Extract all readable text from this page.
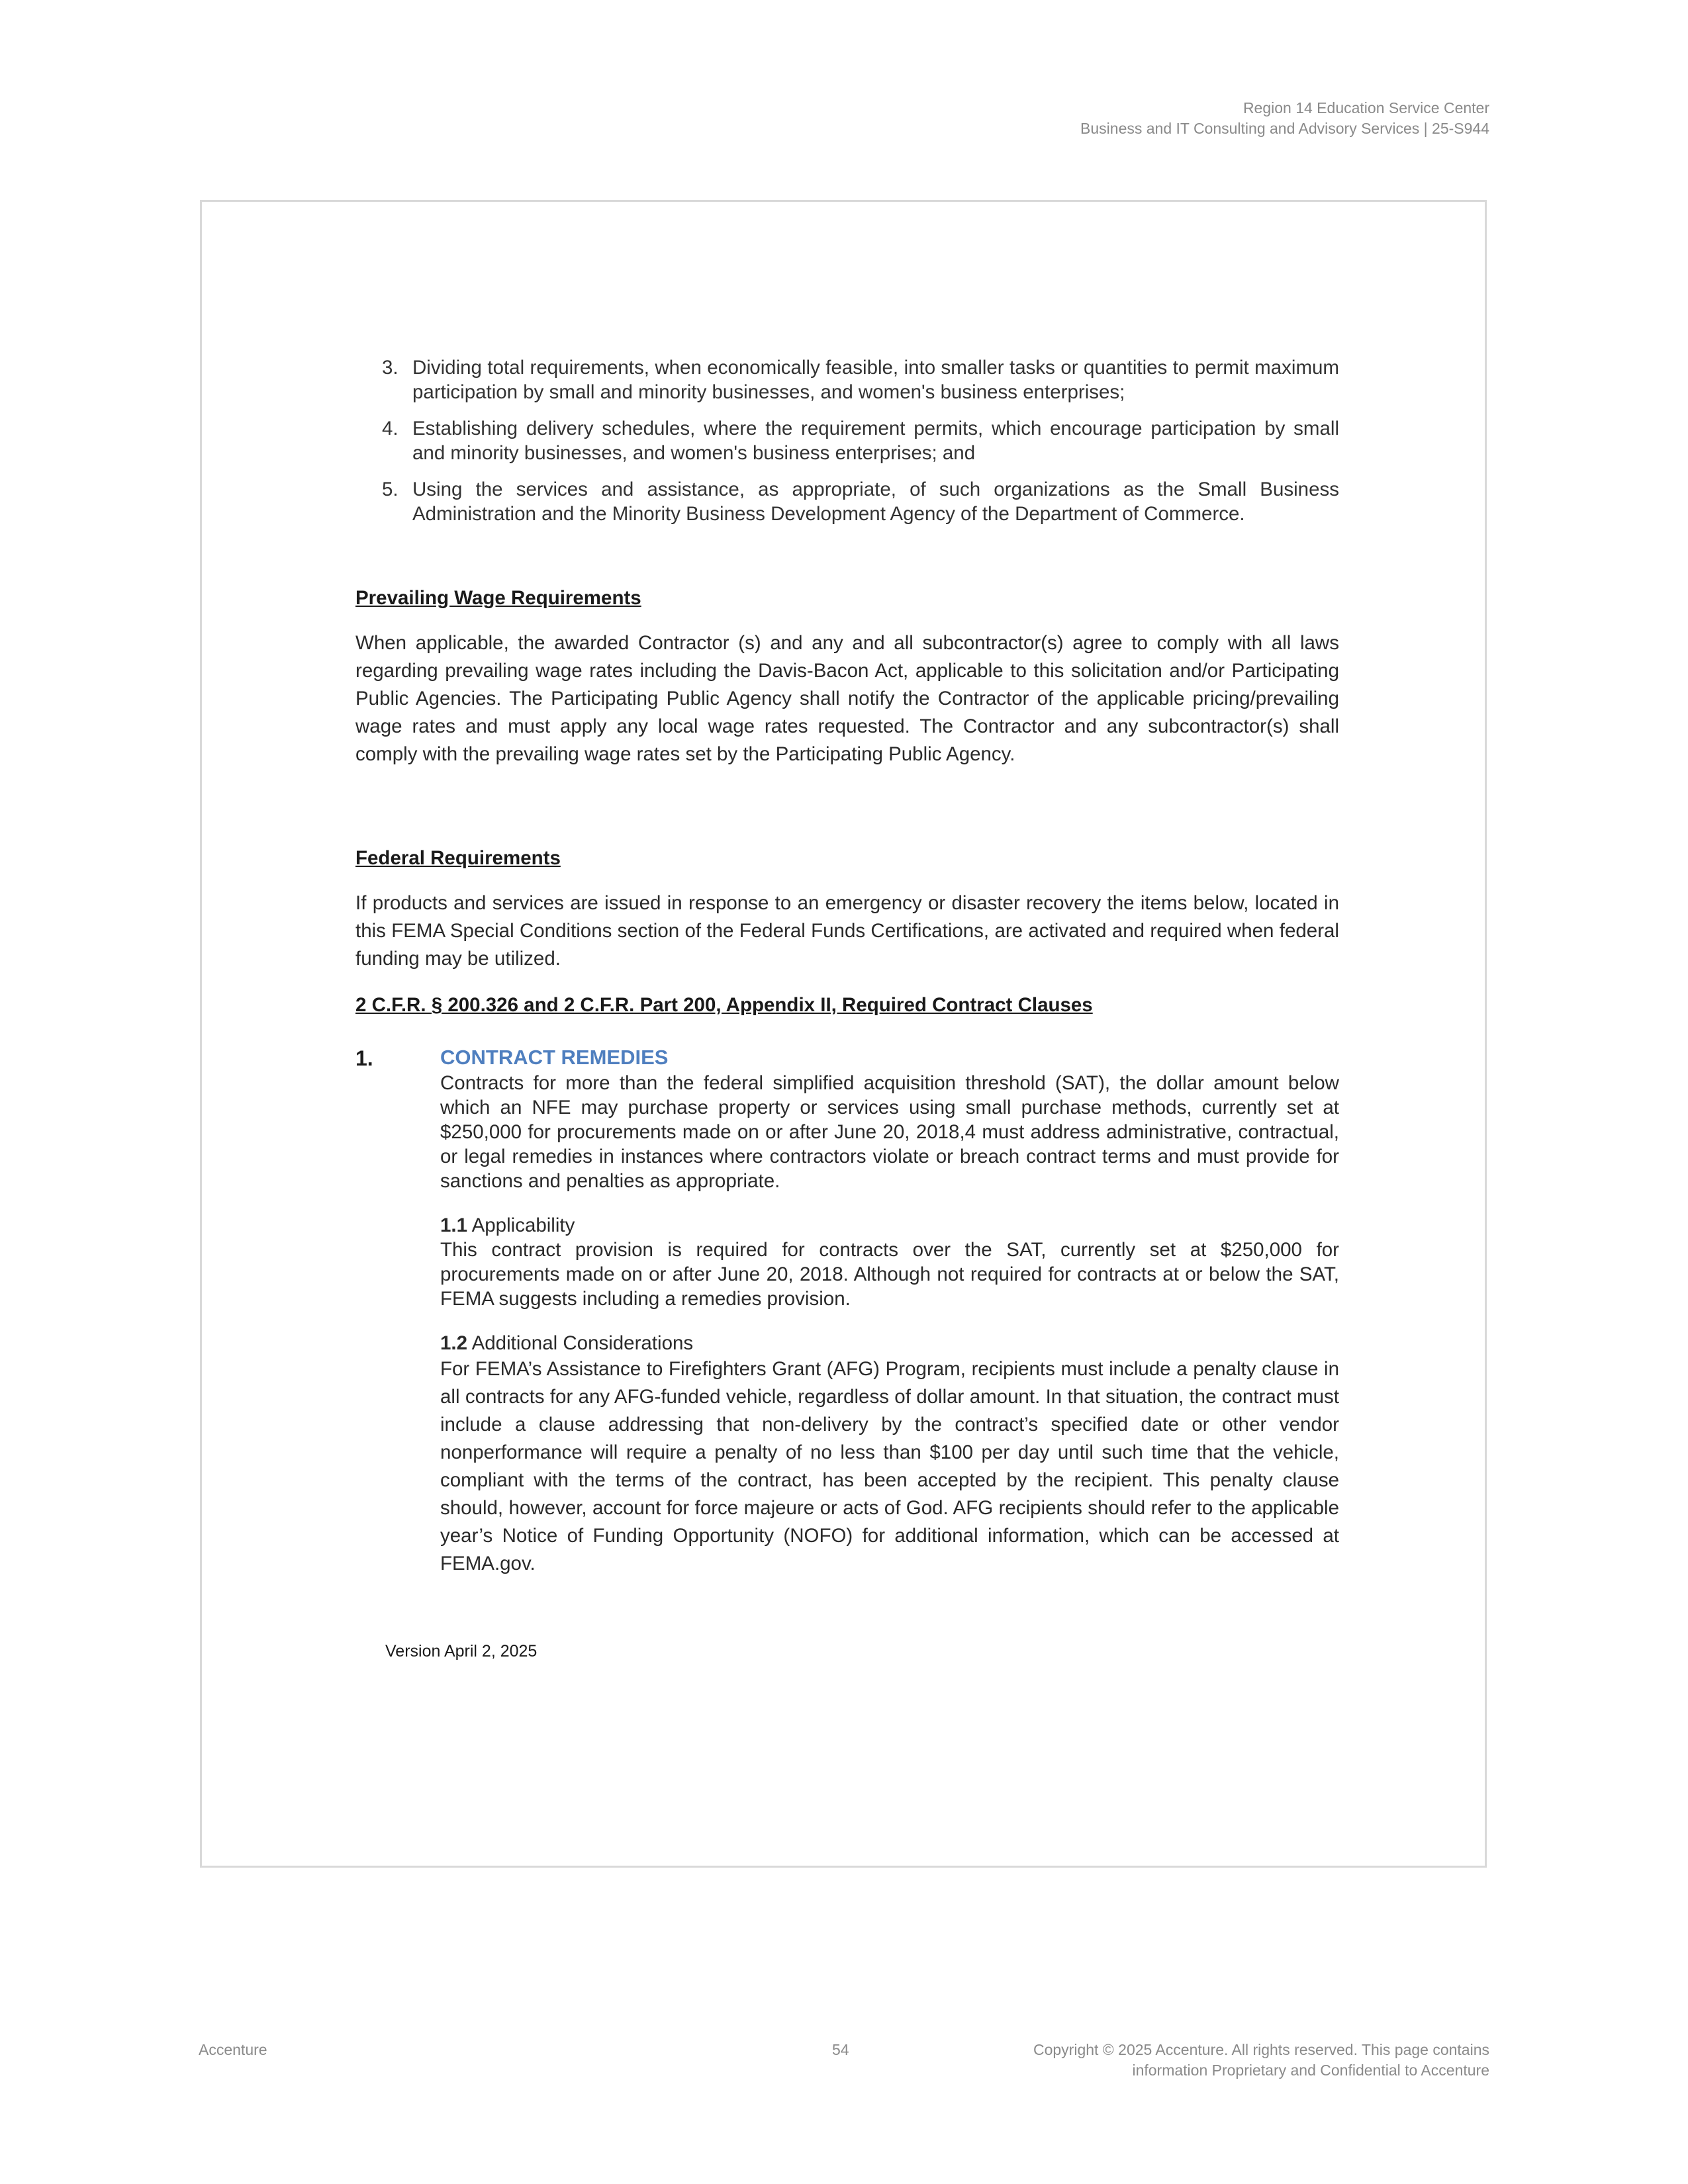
Region 14 Education Service Center
Business and IT Consulting and Advisory Services | 25-S944
3. Dividing total requirements, when economically feasible, into smaller tasks or quantities to permit maximum participation by small and minority businesses, and women's business enterprises;
4. Establishing delivery schedules, where the requirement permits, which encourage participation by small and minority businesses, and women's business enterprises; and
5. Using the services and assistance, as appropriate, of such organizations as the Small Business Administration and the Minority Business Development Agency of the Department of Commerce.

Prevailing Wage Requirements

When applicable, the awarded Contractor (s) and any and all subcontractor(s) agree to comply with all laws regarding prevailing wage rates including the Davis-Bacon Act, applicable to this solicitation and/or Participating Public Agencies. The Participating Public Agency shall notify the Contractor of the applicable pricing/prevailing wage rates and must apply any local wage rates requested. The Contractor and any subcontractor(s) shall comply with the prevailing wage rates set by the Participating Public Agency.

Federal Requirements

If products and services are issued in response to an emergency or disaster recovery the items below, located in this FEMA Special Conditions section of the Federal Funds Certifications, are activated and required when federal funding may be utilized.

2 C.F.R. § 200.326 and 2 C.F.R. Part 200, Appendix II, Required Contract Clauses

1.	CONTRACT REMEDIES

Contracts for more than the federal simplified acquisition threshold (SAT), the dollar amount below which an NFE may purchase property or services using small purchase methods, currently set at $250,000 for procurements made on or after June 20, 2018,4 must address administrative, contractual, or legal remedies in instances where contractors violate or breach contract terms and must provide for sanctions and penalties as appropriate.

1.1 Applicability

This contract provision is required for contracts over the SAT, currently set at $250,000 for procurements made on or after June 20, 2018. Although not required for contracts at or below the SAT, FEMA suggests including a remedies provision.

1.2 Additional Considerations

For FEMA’s Assistance to Firefighters Grant (AFG) Program, recipients must include a penalty clause in all contracts for any AFG-funded vehicle, regardless of dollar amount. In that situation, the contract must include a clause addressing that non-delivery by the contract’s specified date or other vendor nonperformance will require a penalty of no less than $100 per day until such time that the vehicle, compliant with the terms of the contract, has been accepted by the recipient. This penalty clause should, however, account for force majeure or acts of God. AFG recipients should refer to the applicable year’s Notice of Funding Opportunity (NOFO) for additional information, which can be accessed at FEMA.gov.

Version April 2, 2025
Accenture	54	Copyright © 2025 Accenture. All rights reserved. This page contains
information Proprietary and Confidential to Accenture
